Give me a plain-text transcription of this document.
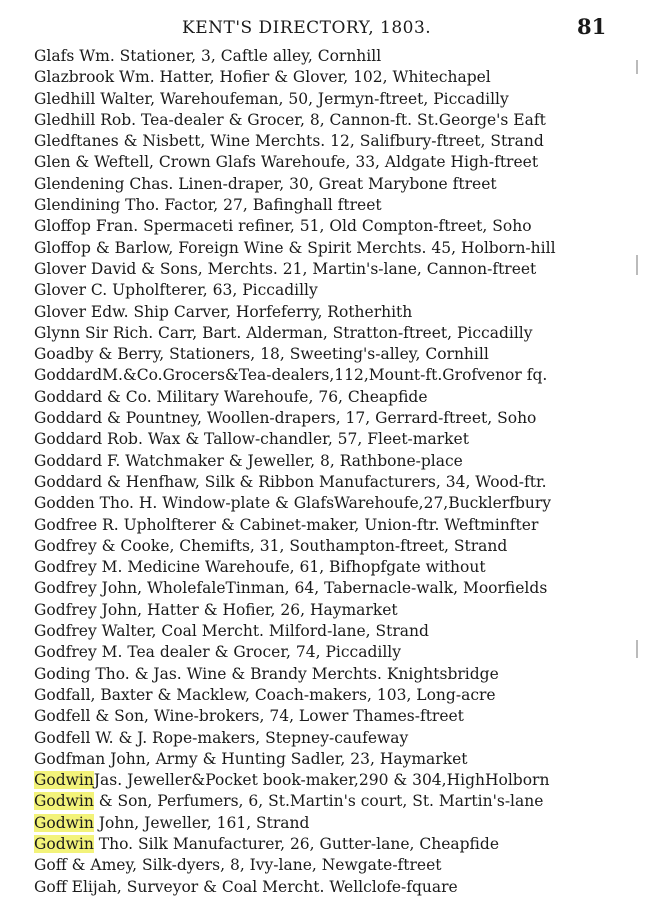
KENT'S DIRECTORY, 1803.	81
Glafs Wm. Stationer, 3, Caftle alley, Cornhill
Glazbrook Wm. Hatter, Hofier & Glover, 102, Whitechapel
Gledhill Walter, Warehoufeman, 50, Jermyn-ftreet, Piccadilly
Gledhill Rob. Tea-dealer & Grocer, 8, Cannon-ft. St.George's Eaft
Gledftanes & Nisbett, Wine Merchts. 12, Salifbury-ftreet, Strand
Glen & Weftell, Crown Glafs Warehoufe, 33, Aldgate High-ftreet
Glendening Chas. Linen-draper, 30, Great Marybone ftreet
Glendining Tho. Factor, 27, Bafinghall ftreet
Gloffop Fran. Spermaceti refiner, 51, Old Compton-ftreet, Soho
Gloffop & Barlow, Foreign Wine & Spirit Merchts. 45, Holborn-hill
Glover David & Sons, Merchts. 21, Martin's-lane, Cannon-ftreet
Glover C. Upholfterer, 63, Piccadilly
Glover Edw. Ship Carver, Horfeferry, Rotherhith
Glynn Sir Rich. Carr, Bart. Alderman, Stratton-ftreet, Piccadilly
Goadby & Berry, Stationers, 18, Sweeting's-alley, Cornhill
GoddardM.&Co.Grocers&Tea-dealers,112,Mount-ft.Grofvenor fq.
Goddard & Co. Military Warehoufe, 76, Cheapfide
Goddard & Pountney, Woollen-drapers, 17, Gerrard-ftreet, Soho
Goddard Rob. Wax & Tallow-chandler, 57, Fleet-market
Goddard F. Watchmaker & Jeweller, 8, Rathbone-place
Goddard & Henfhaw, Silk & Ribbon Manufacturers, 34, Wood-ftr.
Godden Tho. H. Window-plate & GlafsWarehoufe,27,Bucklerfbury
Godfree R. Upholfterer & Cabinet-maker, Union-ftr. Weftminfter
Godfrey & Cooke, Chemifts, 31, Southampton-ftreet, Strand
Godfrey M. Medicine Warehoufe, 61, Bifhopfgate without
Godfrey John, WholefaleTinman, 64, Tabernacle-walk, Moorfields
Godfrey John, Hatter & Hofier, 26, Haymarket
Godfrey Walter, Coal Mercht. Milford-lane, Strand
Godfrey M. Tea dealer & Grocer, 74, Piccadilly
Goding Tho. & Jas. Wine & Brandy Merchts. Knightsbridge
Godfall, Baxter & Macklew, Coach-makers, 103, Long-acre
Godfell & Son, Wine-brokers, 74, Lower Thames-ftreet
Godfell W. & J. Rope-makers, Stepney-caufeway
Godfman John, Army & Hunting Sadler, 23, Haymarket
GodwinJas. Jeweller&Pocket book-maker,290 & 304,HighHolborn
Godwin & Son, Perfumers, 6, St.Martin's court, St. Martin's-lane
Godwin John, Jeweller, 161, Strand
Godwin Tho. Silk Manufacturer, 26, Gutter-lane, Cheapfide
Goff & Amey, Silk-dyers, 8, Ivy-lane, Newgate-ftreet
Goff Elijah, Surveyor & Coal Mercht. Wellclofe-fquare
